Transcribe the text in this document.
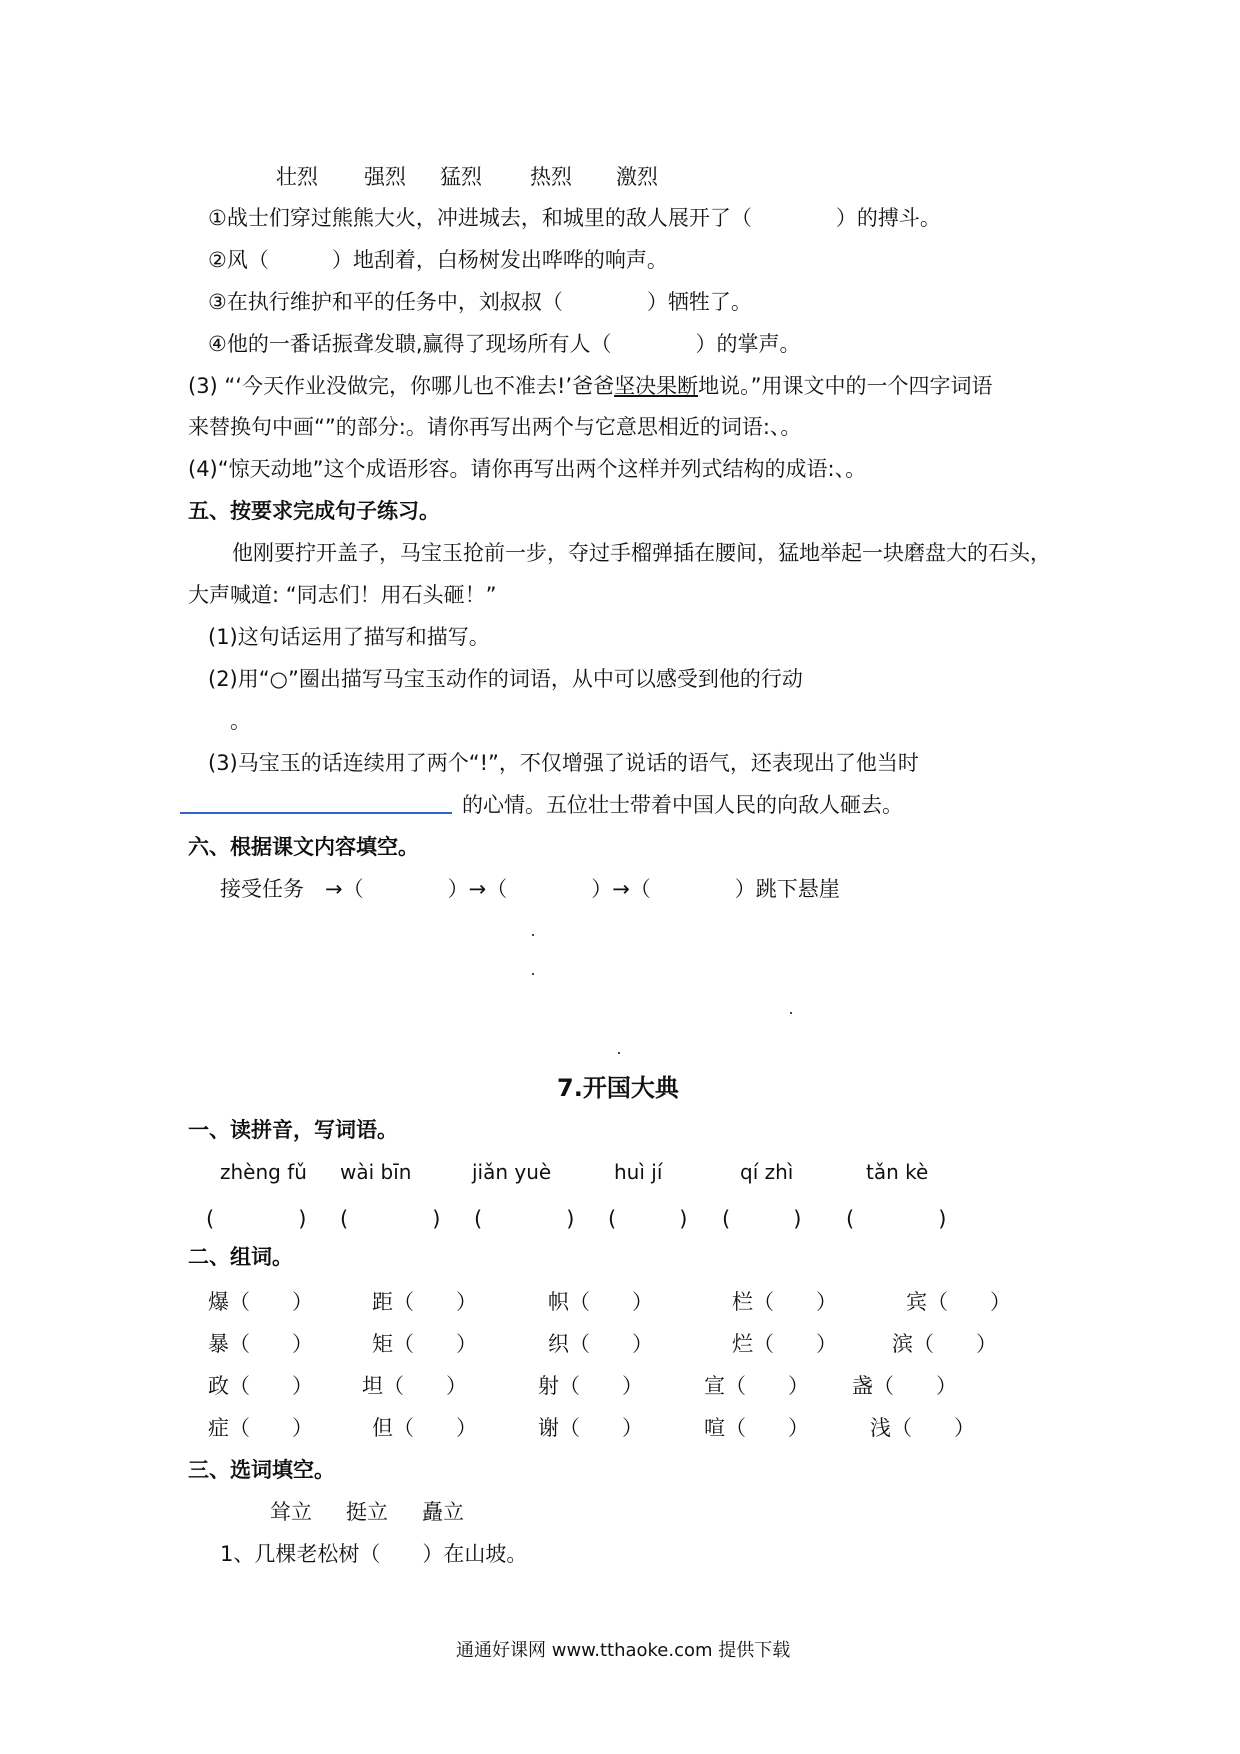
壮烈 强烈 猛烈 热烈 激烈
①战士们穿过熊熊大火，冲进城去，和城里的敌人展开了（　　　　）的搏斗。
②风（　　　）地刮着，白杨树发出哗哗的响声。
③在执行维护和平的任务中，刘叔叔（　　　　）牺牲了。
④他的一番话振聋发聩,赢得了现场所有人（　　　　）的掌声。
(3) “‘今天作业没做完，你哪儿也不准去!’爸爸坚决果断地说。”用课文中的一个四字词语
来替换句中画“”的部分:。请你再写出两个与它意思相近的词语:、。
(4)“惊天动地”这个成语形容。请你再写出两个这样并列式结构的成语:、。
五、按要求完成句子练习。
他刚要拧开盖子，马宝玉抢前一步，夺过手榴弹插在腰间，猛地举起一块磨盘大的石头，
大声喊道: “同志们！用石头砸！”
(1)这句话运用了描写和描写。
(2)用“○”圈出描写马宝玉动作的词语，从中可以感受到他的行动
。
(3)马宝玉的话连续用了两个“!”，不仅增强了说话的语气，还表现出了他当时
的心情。五位壮士带着中国人民的向敌人砸去。
六、根据课文内容填空。
接受任务　→（　　　　）→（　　　　）→（　　　　）跳下悬崖
7.开国大典
一、读拼音，写词语。
zhèng fǔ wài bīn	jiǎn yuè	huì jí	qí zhì	tǎn kè
(　　　　) (　　　　) (　　　　) (　　　) (　　　) (　　　　)
二、组词。
爆（　　）	距（　　）	帜（　　）	栏（　　）	宾（　　）
暴（　　）	矩（　　）	织（　　）	烂（　　）	滨（　　）
政（　　） 坦（　　）	射（　　）	宣（　　） 盏（　　）
症（　　）	但（　　）	谢（　　）	喧（　　）	浅（　　）
三、选词填空。
耸立 挺立 矗立
1、几棵老松树（　　）在山坡。
通通好课网 www.tthaoke.com 提供下载
